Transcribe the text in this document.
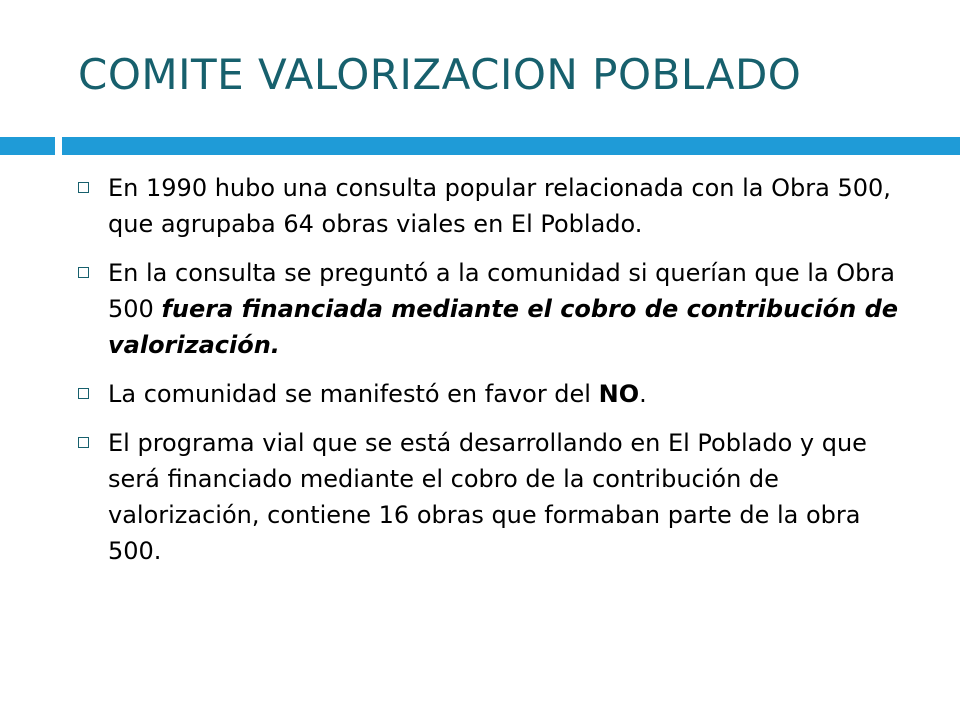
COMITE VALORIZACION POBLADO
En 1990 hubo una consulta popular relacionada con la Obra 500, que agrupaba 64 obras viales en El Poblado.
En la consulta se preguntó a la comunidad si querían que la Obra 500 fuera financiada mediante el cobro de contribución de valorización.
La comunidad se manifestó en favor del NO.
El programa vial que se está desarrollando en El Poblado y que será financiado mediante el cobro de la contribución de valorización, contiene 16 obras que formaban parte de la obra 500.
